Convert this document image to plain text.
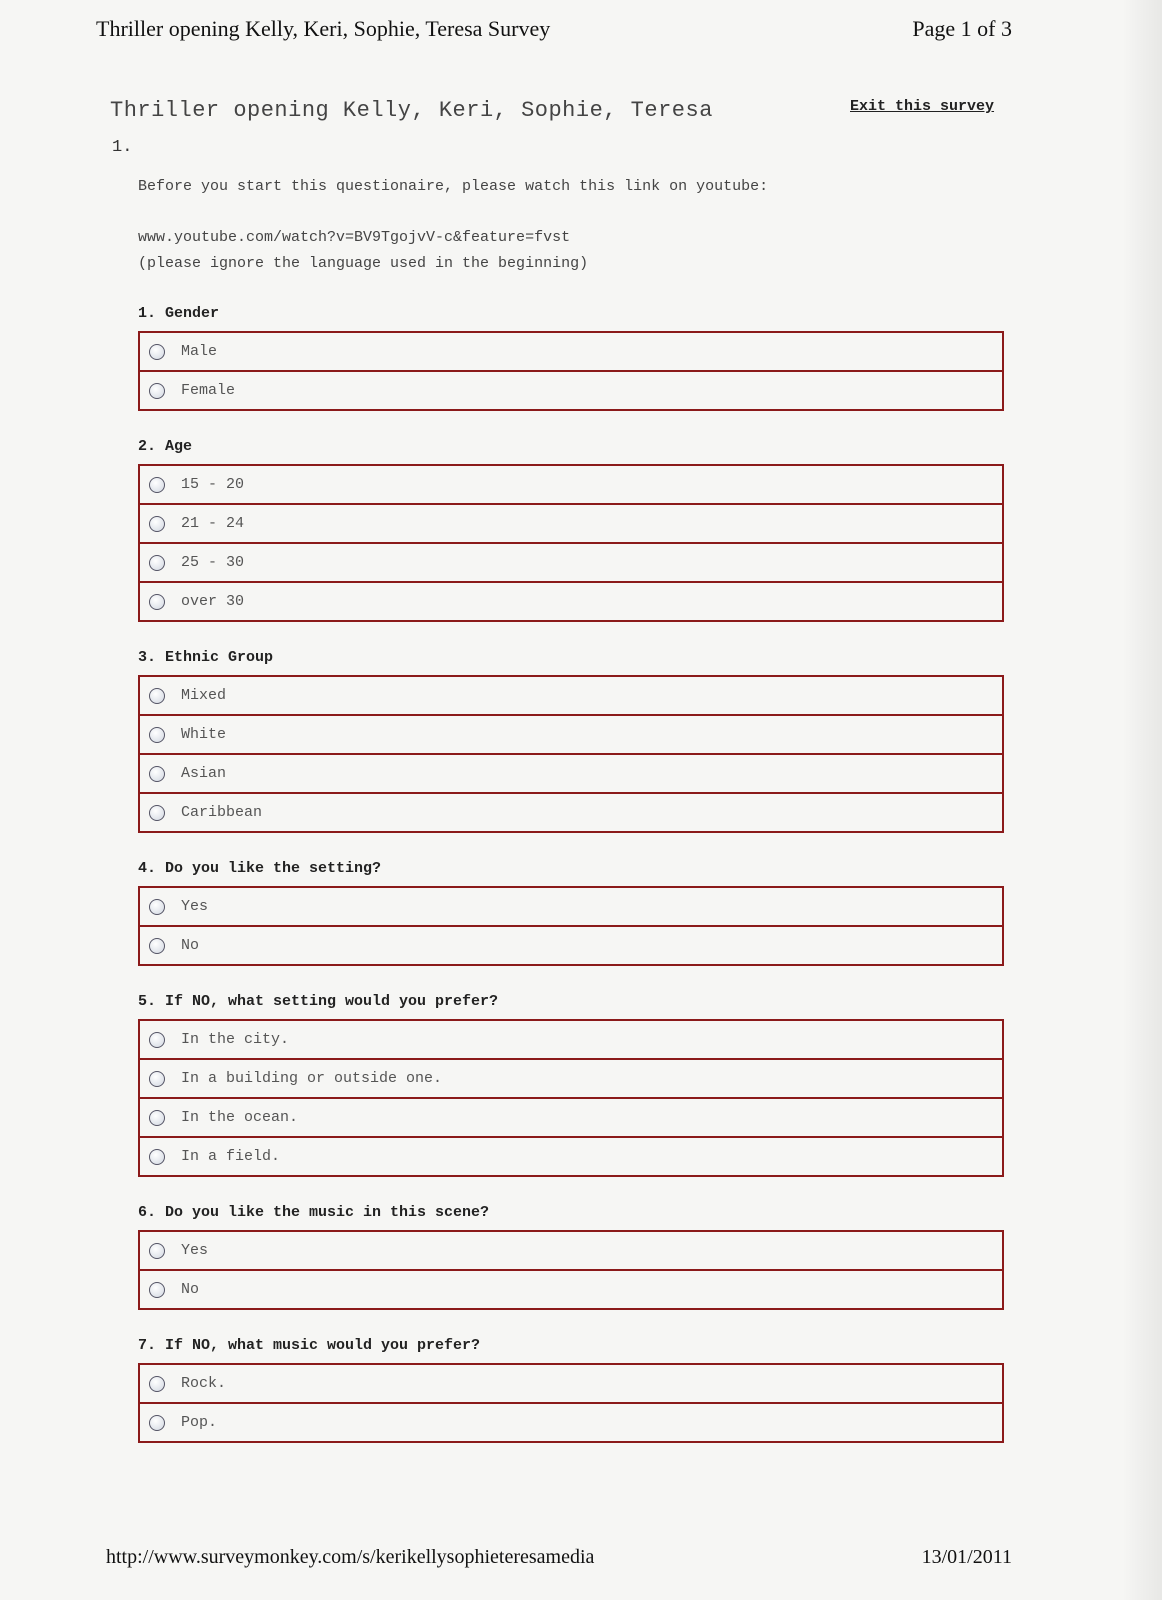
Thriller opening Kelly, Keri, Sophie, Teresa Survey	Page 1 of 3
Thriller opening Kelly, Keri, Sophie, Teresa	Exit this survey
1.
Before you start this questionaire, please watch this link on youtube:
www.youtube.com/watch?v=BV9TgojvV-c&feature=fvst
(please ignore the language used in the beginning)
1. Gender
Male
Female
2. Age
15 - 20
21 - 24
25 - 30
over 30
3. Ethnic Group
Mixed
White
Asian
Caribbean
4. Do you like the setting?
Yes
No
5. If NO, what setting would you prefer?
In the city.
In a building or outside one.
In the ocean.
In a field.
6. Do you like the music in this scene?
Yes
No
7. If NO, what music would you prefer?
Rock.
Pop.
http://www.surveymonkey.com/s/kerikellysophieteresamedia	13/01/2011
